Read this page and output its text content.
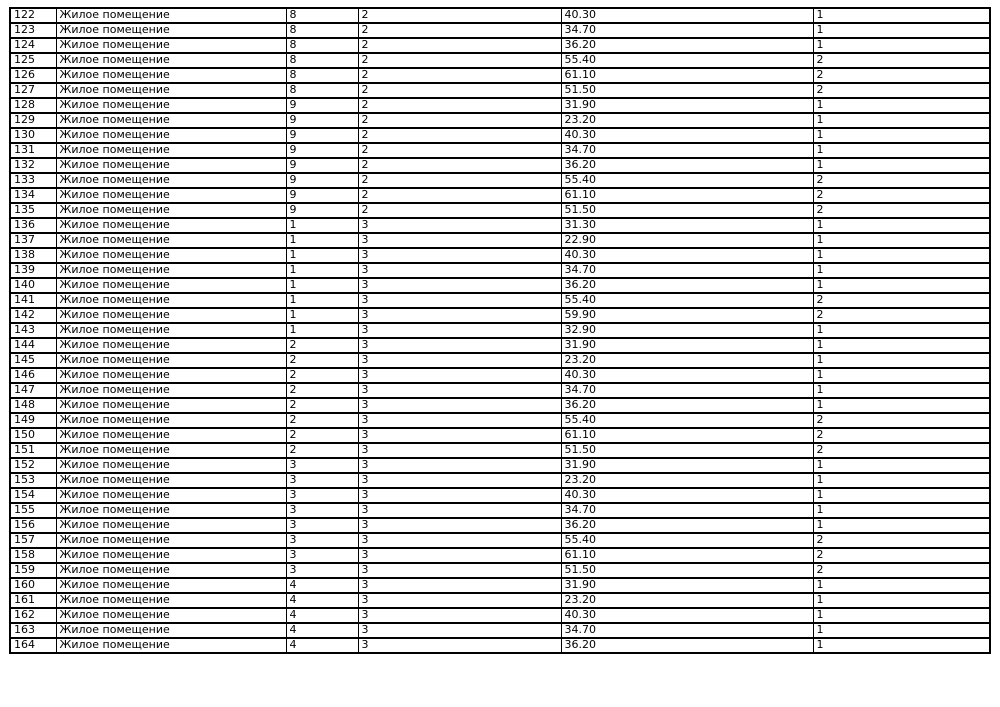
122	Жилое помещение	8	2	40.30	1
123	Жилое помещение	8	2	34.70	1
124	Жилое помещение	8	2	36.20	1
125	Жилое помещение	8	2	55.40	2
126	Жилое помещение	8	2	61.10	2
127	Жилое помещение	8	2	51.50	2
128	Жилое помещение	9	2	31.90	1
129	Жилое помещение	9	2	23.20	1
130	Жилое помещение	9	2	40.30	1
131	Жилое помещение	9	2	34.70	1
132	Жилое помещение	9	2	36.20	1
133	Жилое помещение	9	2	55.40	2
134	Жилое помещение	9	2	61.10	2
135	Жилое помещение	9	2	51.50	2
136	Жилое помещение	1	3	31.30	1
137	Жилое помещение	1	3	22.90	1
138	Жилое помещение	1	3	40.30	1
139	Жилое помещение	1	3	34.70	1
140	Жилое помещение	1	3	36.20	1
141	Жилое помещение	1	3	55.40	2
142	Жилое помещение	1	3	59.90	2
143	Жилое помещение	1	3	32.90	1
144	Жилое помещение	2	3	31.90	1
145	Жилое помещение	2	3	23.20	1
146	Жилое помещение	2	3	40.30	1
147	Жилое помещение	2	3	34.70	1
148	Жилое помещение	2	3	36.20	1
149	Жилое помещение	2	3	55.40	2
150	Жилое помещение	2	3	61.10	2
151	Жилое помещение	2	3	51.50	2
152	Жилое помещение	3	3	31.90	1
153	Жилое помещение	3	3	23.20	1
154	Жилое помещение	3	3	40.30	1
155	Жилое помещение	3	3	34.70	1
156	Жилое помещение	3	3	36.20	1
157	Жилое помещение	3	3	55.40	2
158	Жилое помещение	3	3	61.10	2
159	Жилое помещение	3	3	51.50	2
160	Жилое помещение	4	3	31.90	1
161	Жилое помещение	4	3	23.20	1
162	Жилое помещение	4	3	40.30	1
163	Жилое помещение	4	3	34.70	1
164	Жилое помещение	4	3	36.20	1
